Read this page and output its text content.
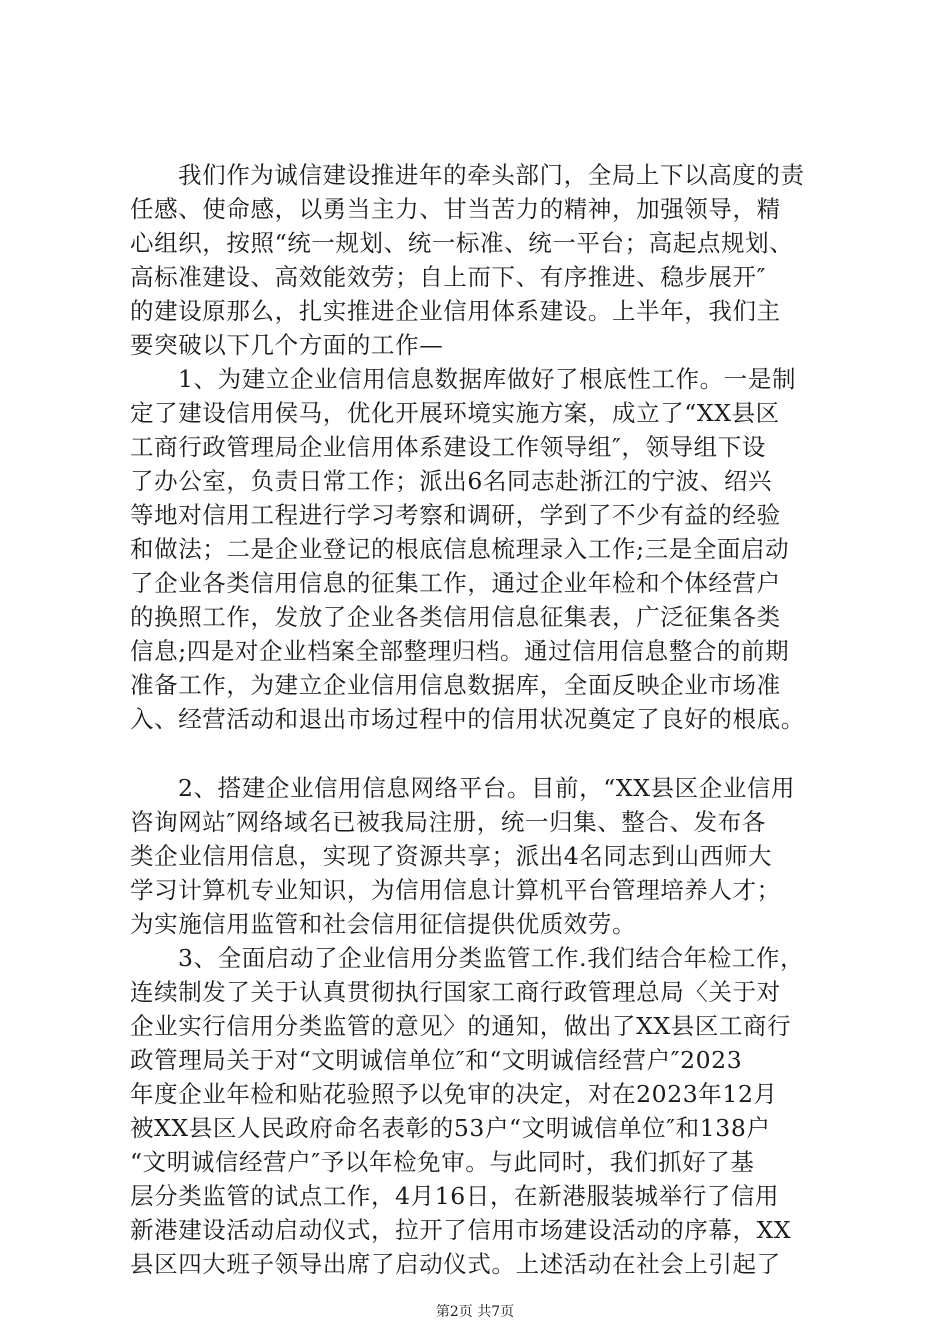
我们作为诚信建设推进年的牵头部门，全局上下以高度的责
任感、使命感，以勇当主力、甘当苦力的精神，加强领导，精
心组织，按照“统一规划、统一标准、统一平台；高起点规划、
高标准建设、高效能效劳；自上而下、有序推进、稳步展开″
的建设原那么，扎实推进企业信用体系建设。上半年，我们主
要突破以下几个方面的工作—
1、为建立企业信用信息数据库做好了根底性工作。一是制
定了建设信用侯马，优化开展环境实施方案，成立了“XX县区
工商行政管理局企业信用体系建设工作领导组″，领导组下设
了办公室，负责日常工作；派出6名同志赴浙江的宁波、绍兴
等地对信用工程进行学习考察和调研，学到了不少有益的经验
和做法；二是企业登记的根底信息梳理录入工作;三是全面启动
了企业各类信用信息的征集工作，通过企业年检和个体经营户
的换照工作，发放了企业各类信用信息征集表，广泛征集各类
信息;四是对企业档案全部整理归档。通过信用信息整合的前期
准备工作，为建立企业信用信息数据库，全面反映企业市场准
入、经营活动和退出市场过程中的信用状况奠定了良好的根底。
2、搭建企业信用信息网络平台。目前，“XX县区企业信用
咨询网站″网络域名已被我局注册，统一归集、整合、发布各
类企业信用信息，实现了资源共享；派出4名同志到山西师大
学习计算机专业知识，为信用信息计算机平台管理培养人才；
为实施信用监管和社会信用征信提供优质效劳。
3、全面启动了企业信用分类监管工作.我们结合年检工作，
连续制发了关于认真贯彻执行国家工商行政管理总局〈关于对
企业实行信用分类监管的意见〉的通知，做出了XX县区工商行
政管理局关于对“文明诚信单位″和“文明诚信经营户″2023
年度企业年检和贴花验照予以免审的决定，对在2023年12月
被XX县区人民政府命名表彰的53户“文明诚信单位″和138户
“文明诚信经营户″予以年检免审。与此同时，我们抓好了基
层分类监管的试点工作，4月16日，在新港服装城举行了信用
新港建设活动启动仪式，拉开了信用市场建设活动的序幕，XX
县区四大班子领导出席了启动仪式。上述活动在社会上引起了
第2页 共7页
